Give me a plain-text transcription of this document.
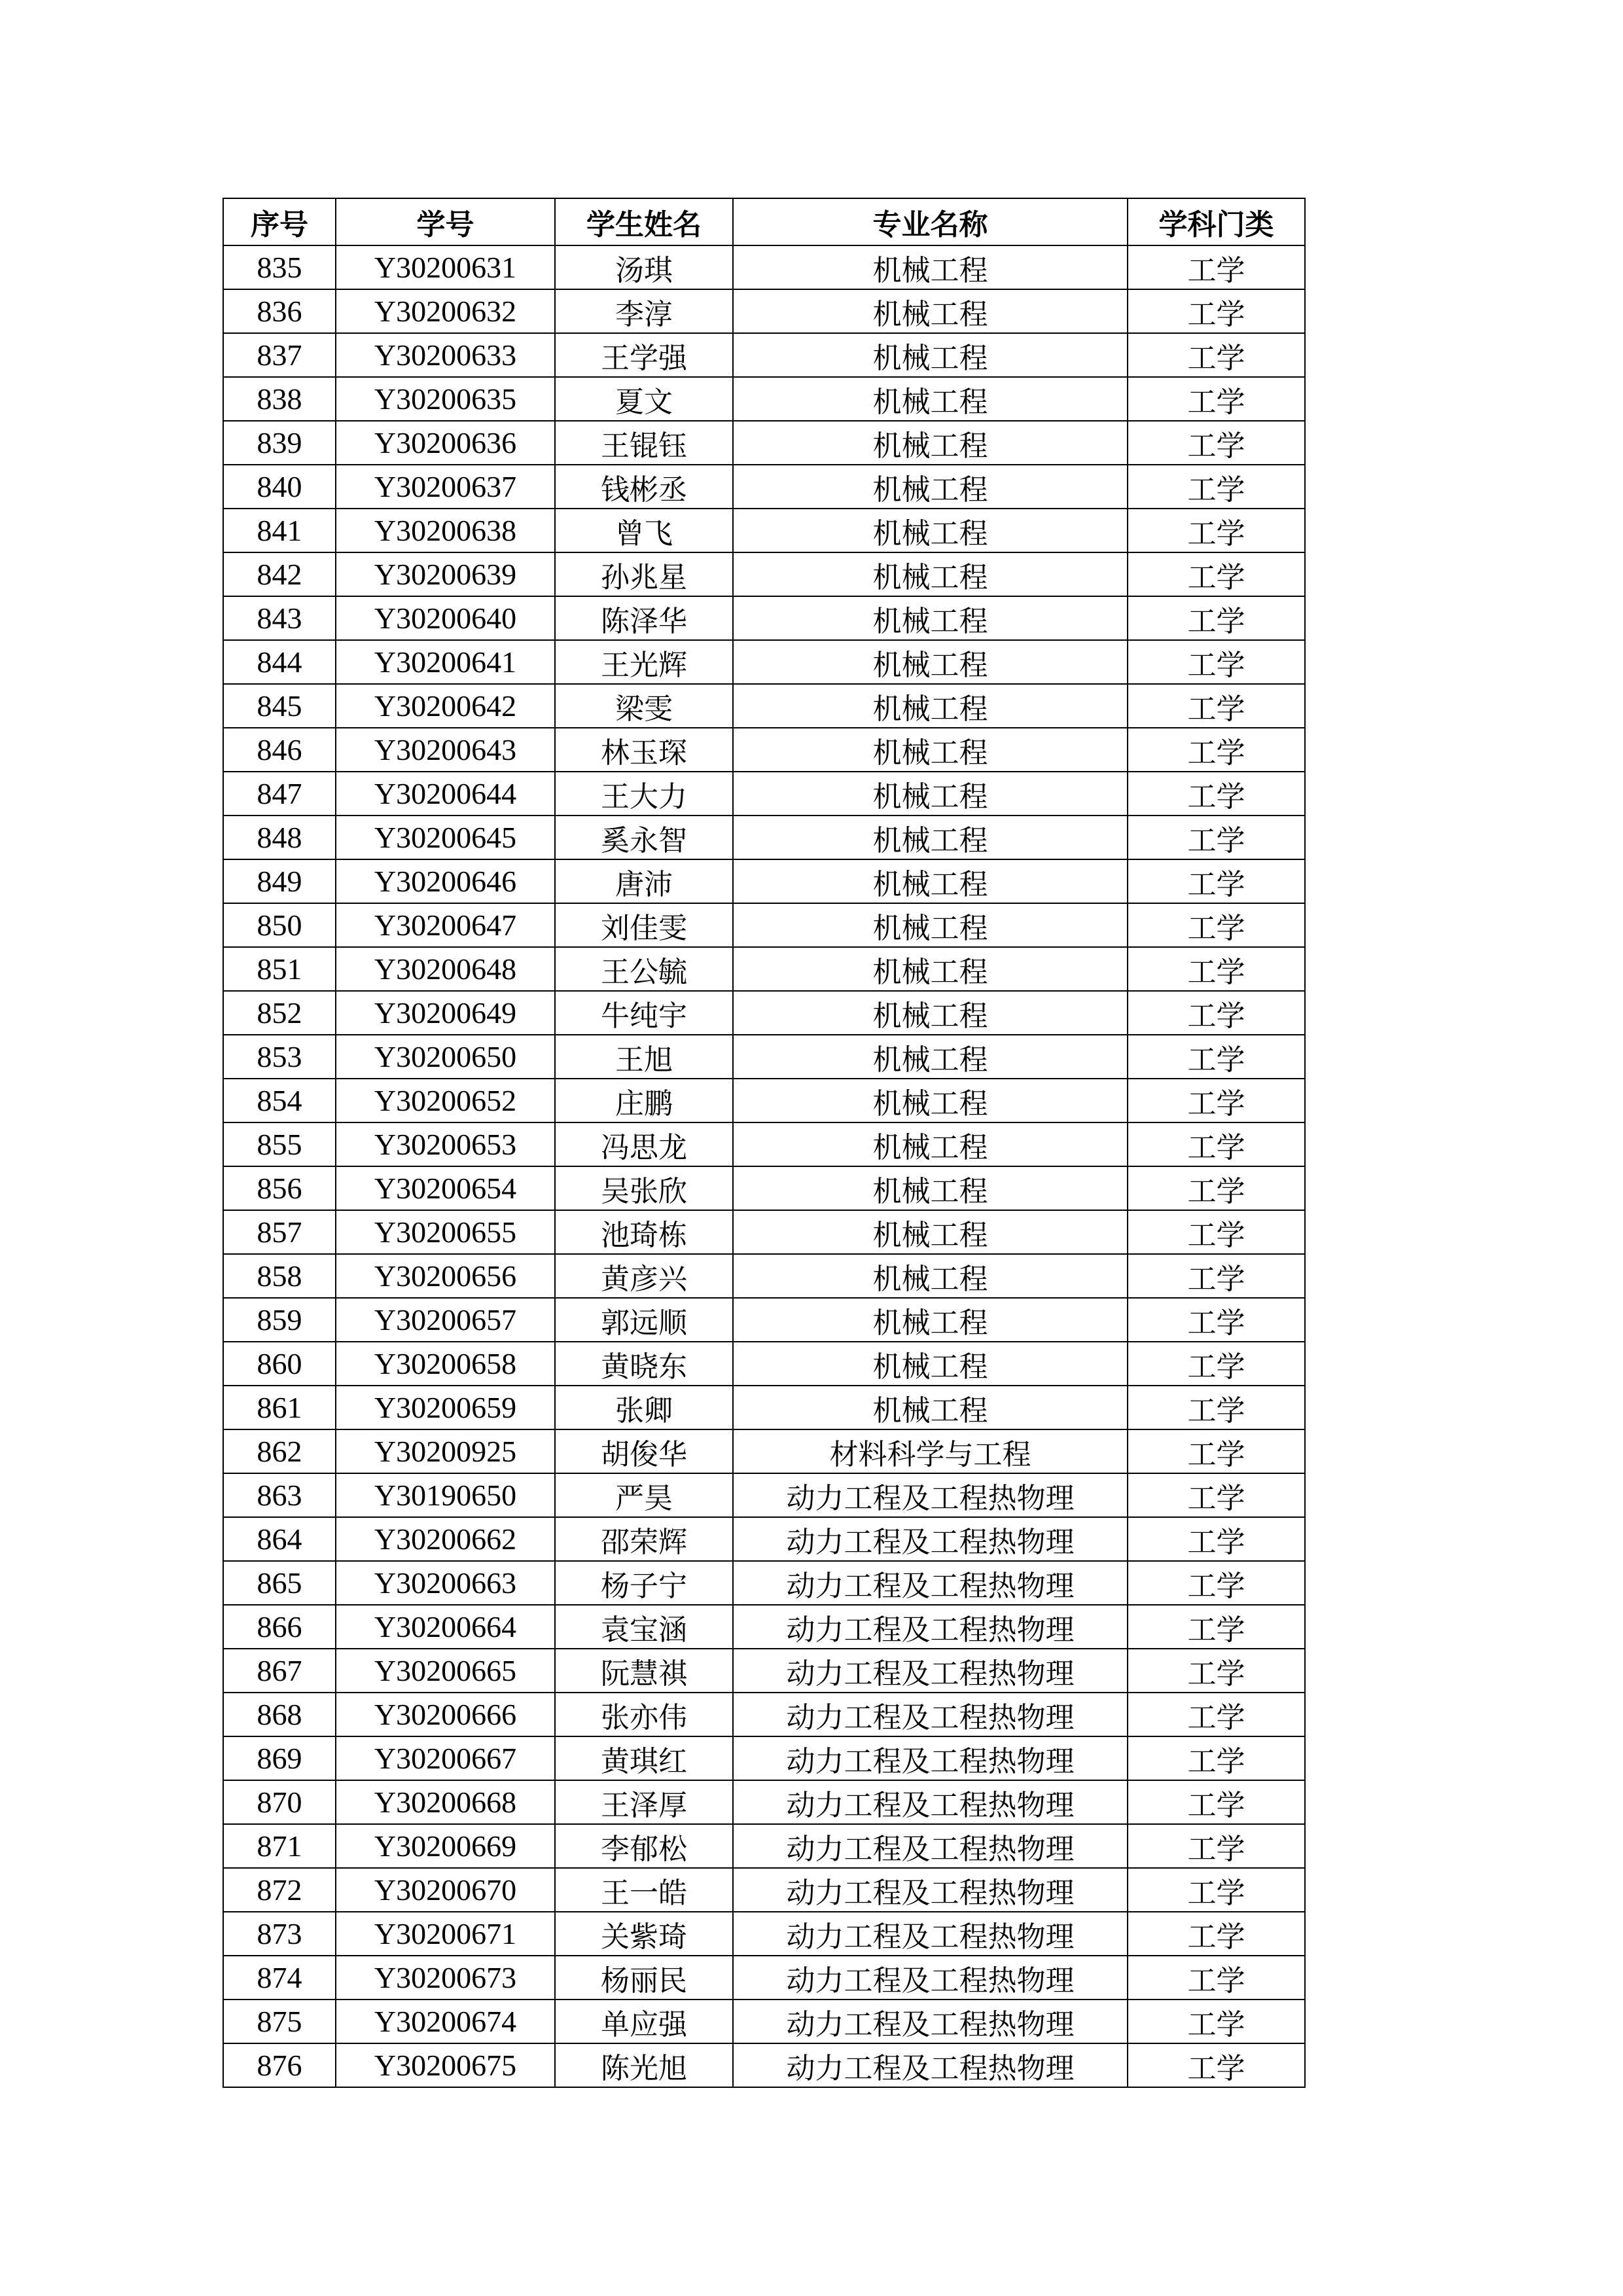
序号	学号	学生姓名	专业名称	学科门类
835	Y30200631	汤琪	机械工程	工学
836	Y30200632	李淳	机械工程	工学
837	Y30200633	王学强	机械工程	工学
838	Y30200635	夏文	机械工程	工学
839	Y30200636	王锟钰	机械工程	工学
840	Y30200637	钱彬丞	机械工程	工学
841	Y30200638	曾飞	机械工程	工学
842	Y30200639	孙兆星	机械工程	工学
843	Y30200640	陈泽华	机械工程	工学
844	Y30200641	王光辉	机械工程	工学
845	Y30200642	梁雯	机械工程	工学
846	Y30200643	林玉琛	机械工程	工学
847	Y30200644	王大力	机械工程	工学
848	Y30200645	奚永智	机械工程	工学
849	Y30200646	唐沛	机械工程	工学
850	Y30200647	刘佳雯	机械工程	工学
851	Y30200648	王公毓	机械工程	工学
852	Y30200649	牛纯宇	机械工程	工学
853	Y30200650	王旭	机械工程	工学
854	Y30200652	庄鹏	机械工程	工学
855	Y30200653	冯思龙	机械工程	工学
856	Y30200654	吴张欣	机械工程	工学
857	Y30200655	池琦栋	机械工程	工学
858	Y30200656	黄彦兴	机械工程	工学
859	Y30200657	郭远顺	机械工程	工学
860	Y30200658	黄晓东	机械工程	工学
861	Y30200659	张卿	机械工程	工学
862	Y30200925	胡俊华	材料科学与工程	工学
863	Y30190650	严昊	动力工程及工程热物理	工学
864	Y30200662	邵荣辉	动力工程及工程热物理	工学
865	Y30200663	杨子宁	动力工程及工程热物理	工学
866	Y30200664	袁宝涵	动力工程及工程热物理	工学
867	Y30200665	阮慧祺	动力工程及工程热物理	工学
868	Y30200666	张亦伟	动力工程及工程热物理	工学
869	Y30200667	黄琪红	动力工程及工程热物理	工学
870	Y30200668	王泽厚	动力工程及工程热物理	工学
871	Y30200669	李郁松	动力工程及工程热物理	工学
872	Y30200670	王一皓	动力工程及工程热物理	工学
873	Y30200671	关紫琦	动力工程及工程热物理	工学
874	Y30200673	杨丽民	动力工程及工程热物理	工学
875	Y30200674	单应强	动力工程及工程热物理	工学
876	Y30200675	陈光旭	动力工程及工程热物理	工学
